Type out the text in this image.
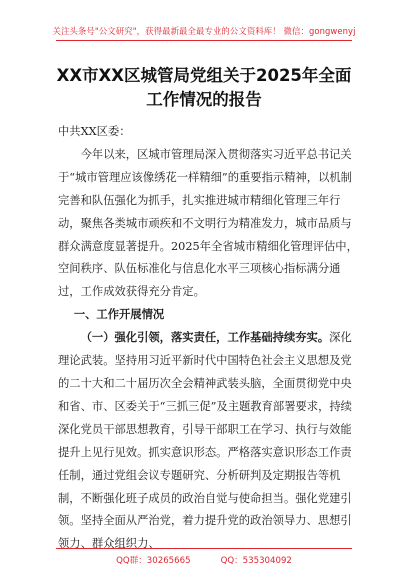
关注头条号"公文研究"，获得最新最全最专业的公文资料库！ 微信：gongwenyj
XX市XX区城管局党组关于2025年全面
工作情况的报告

中共XX区委：

今年以来，区城市管理局深入贯彻落实习近平总书记关于“城市管理应该像绣花一样精细”的重要指示精神，以机制完善和队伍强化为抓手，扎实推进城市精细化管理三年行动，聚焦各类城市顽疾和不文明行为精准发力，城市品质与群众满意度显著提升。2025年全省城市精细化管理评估中，空间秩序、队伍标准化与信息化水平三项核心指标满分通过，工作成效获得充分肯定。

一、工作开展情况

（一）强化引领，落实责任，工作基础持续夯实。深化理论武装。坚持用习近平新时代中国特色社会主义思想及党的二十大和二十届历次全会精神武装头脑，全面贯彻党中央和省、市、区委关于“三抓三促”及主题教育部署要求，持续深化党员干部思想教育，引导干部职工在学习、执行与效能提升上见行见效。抓实意识形态。严格落实意识形态工作责任制，通过党组会议专题研究、分析研判及定期报告等机制，不断强化班子成员的政治自觉与使命担当。强化党建引领。坚持全面从严治党，着力提升党的政治领导力、思想引领力、群众组织力、

QQ群：30265665	QQ：535304092
